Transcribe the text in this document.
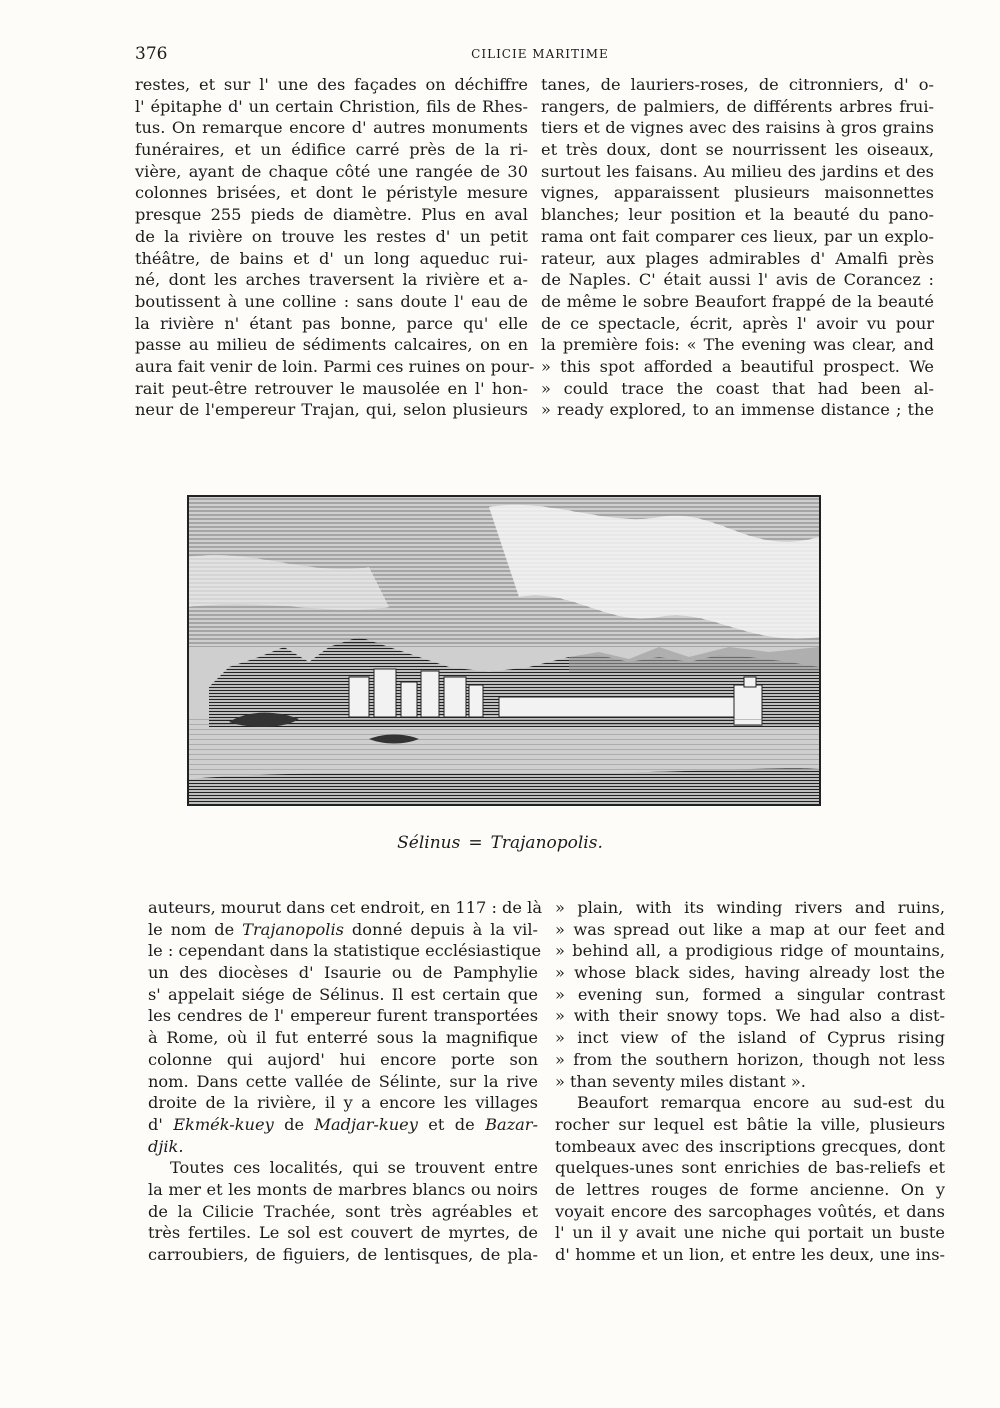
376	CILICIE MARITIME
restes, et sur l' une des façades on déchiffre
l' épitaphe d' un certain Christion, fils de Rhes-
tus. On remarque encore d' autres monuments
funéraires, et un édifice carré près de la ri-
vière, ayant de chaque côté une rangée de 30
colonnes brisées, et dont le péristyle mesure
presque 255 pieds de diamètre. Plus en aval
de la rivière on trouve les restes d' un petit
théâtre, de bains et d' un long aqueduc rui-
né, dont les arches traversent la rivière et a-
boutissent à une colline : sans doute l' eau de
la rivière n' étant pas bonne, parce qu' elle
passe au milieu de sédiments calcaires, on en
aura fait venir de loin. Parmi ces ruines on pour-
rait peut-être retrouver le mausolée en l' hon-
neur de l'empereur Trajan, qui, selon plusieurs
tanes, de lauriers-roses, de citronniers, d' o-
rangers, de palmiers, de différents arbres frui-
tiers et de vignes avec des raisins à gros grains
et très doux, dont se nourrissent les oiseaux,
surtout les faisans. Au milieu des jardins et des
vignes, apparaissent plusieurs maisonnettes
blanches; leur position et la beauté du pano-
rama ont fait comparer ces lieux, par un explo-
rateur, aux plages admirables d' Amalfi près
de Naples. C' était aussi l' avis de Corancez :
de même le sobre Beaufort frappé de la beauté
de ce spectacle, écrit, après l' avoir vu pour
la première fois: « The evening was clear, and
» this spot afforded a beautiful prospect. We
» could trace the coast that had been al-
» ready explored, to an immense distance ; the
Sélinus = Trajanopolis.
auteurs, mourut dans cet endroit, en 117 : de là
le nom de Trajanopolis donné depuis à la vil-
le : cependant dans la statistique ecclésiastique
un des diocèses d' Isaurie ou de Pamphylie
s' appelait siége de Sélinus. Il est certain que
les cendres de l' empereur furent transportées
à Rome, où il fut enterré sous la magnifique
colonne qui aujord' hui encore porte son
nom. Dans cette vallée de Sélinte, sur la rive
droite de la rivière, il y a encore les villages
d' Ekmék-kuey de Madjar-kuey et de Bazar-
djik.
Toutes ces localités, qui se trouvent entre
la mer et les monts de marbres blancs ou noirs
de la Cilicie Trachée, sont très agréables et
très fertiles. Le sol est couvert de myrtes, de
carroubiers, de figuiers, de lentisques, de pla-
» plain, with its winding rivers and ruins,
» was spread out like a map at our feet and
» behind all, a prodigious ridge of mountains,
» whose black sides, having already lost the
» evening sun, formed a singular contrast
» with their snowy tops. We had also a dist-
» inct view of the island of Cyprus rising
» from the southern horizon, though not less
» than seventy miles distant ».
Beaufort remarqua encore au sud-est du
rocher sur lequel est bâtie la ville, plusieurs
tombeaux avec des inscriptions grecques, dont
quelques-unes sont enrichies de bas-reliefs et
de lettres rouges de forme ancienne. On y
voyait encore des sarcophages voûtés, et dans
l' un il y avait une niche qui portait un buste
d' homme et un lion, et entre les deux, une ins-
